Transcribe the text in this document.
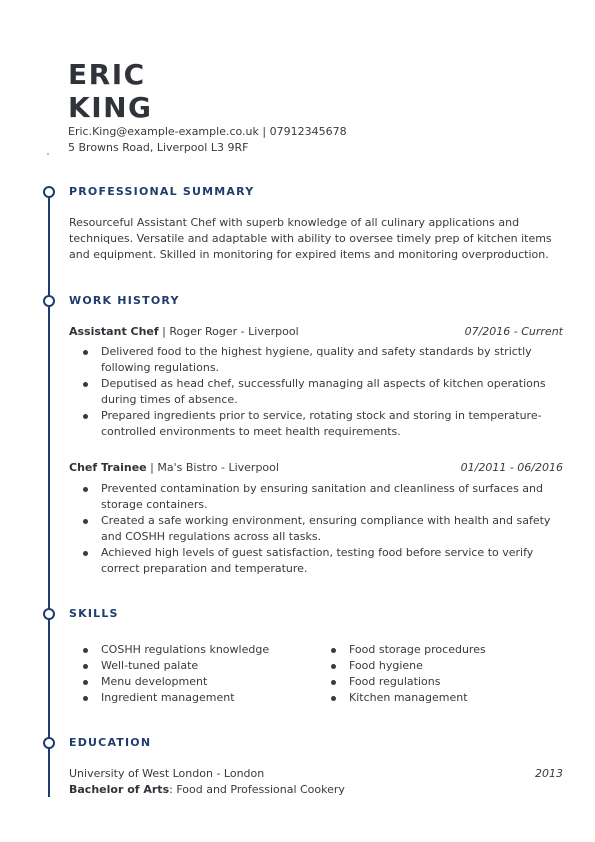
ERIC
KING
Eric.King@example-example.co.uk | 07912345678
5 Browns Road, Liverpool L3 9RF
PROFESSIONAL SUMMARY

Resourceful Assistant Chef with superb knowledge of all culinary applications and techniques. Versatile and adaptable with ability to oversee timely prep of kitchen items and equipment. Skilled in monitoring for expired items and monitoring overproduction.

WORK HISTORY
Assistant Chef | Roger Roger - Liverpool	07/2016 - Current
Delivered food to the highest hygiene, quality and safety standards by strictly following regulations.
Deputised as head chef, successfully managing all aspects of kitchen operations during times of absence.
Prepared ingredients prior to service, rotating stock and storing in temperature-controlled environments to meet health requirements.
Chef Trainee | Ma's Bistro - Liverpool	01/2011 - 06/2016
Prevented contamination by ensuring sanitation and cleanliness of surfaces and storage containers.
Created a safe working environment, ensuring compliance with health and safety and COSHH regulations across all tasks.
Achieved high levels of guest satisfaction, testing food before service to verify correct preparation and temperature.
SKILLS
COSHH regulations knowledge
Well-tuned palate
Menu development
Ingredient management
Food storage procedures
Food hygiene
Food regulations
Kitchen management
EDUCATION
University of West London - London	2013
Bachelor of Arts: Food and Professional Cookery
